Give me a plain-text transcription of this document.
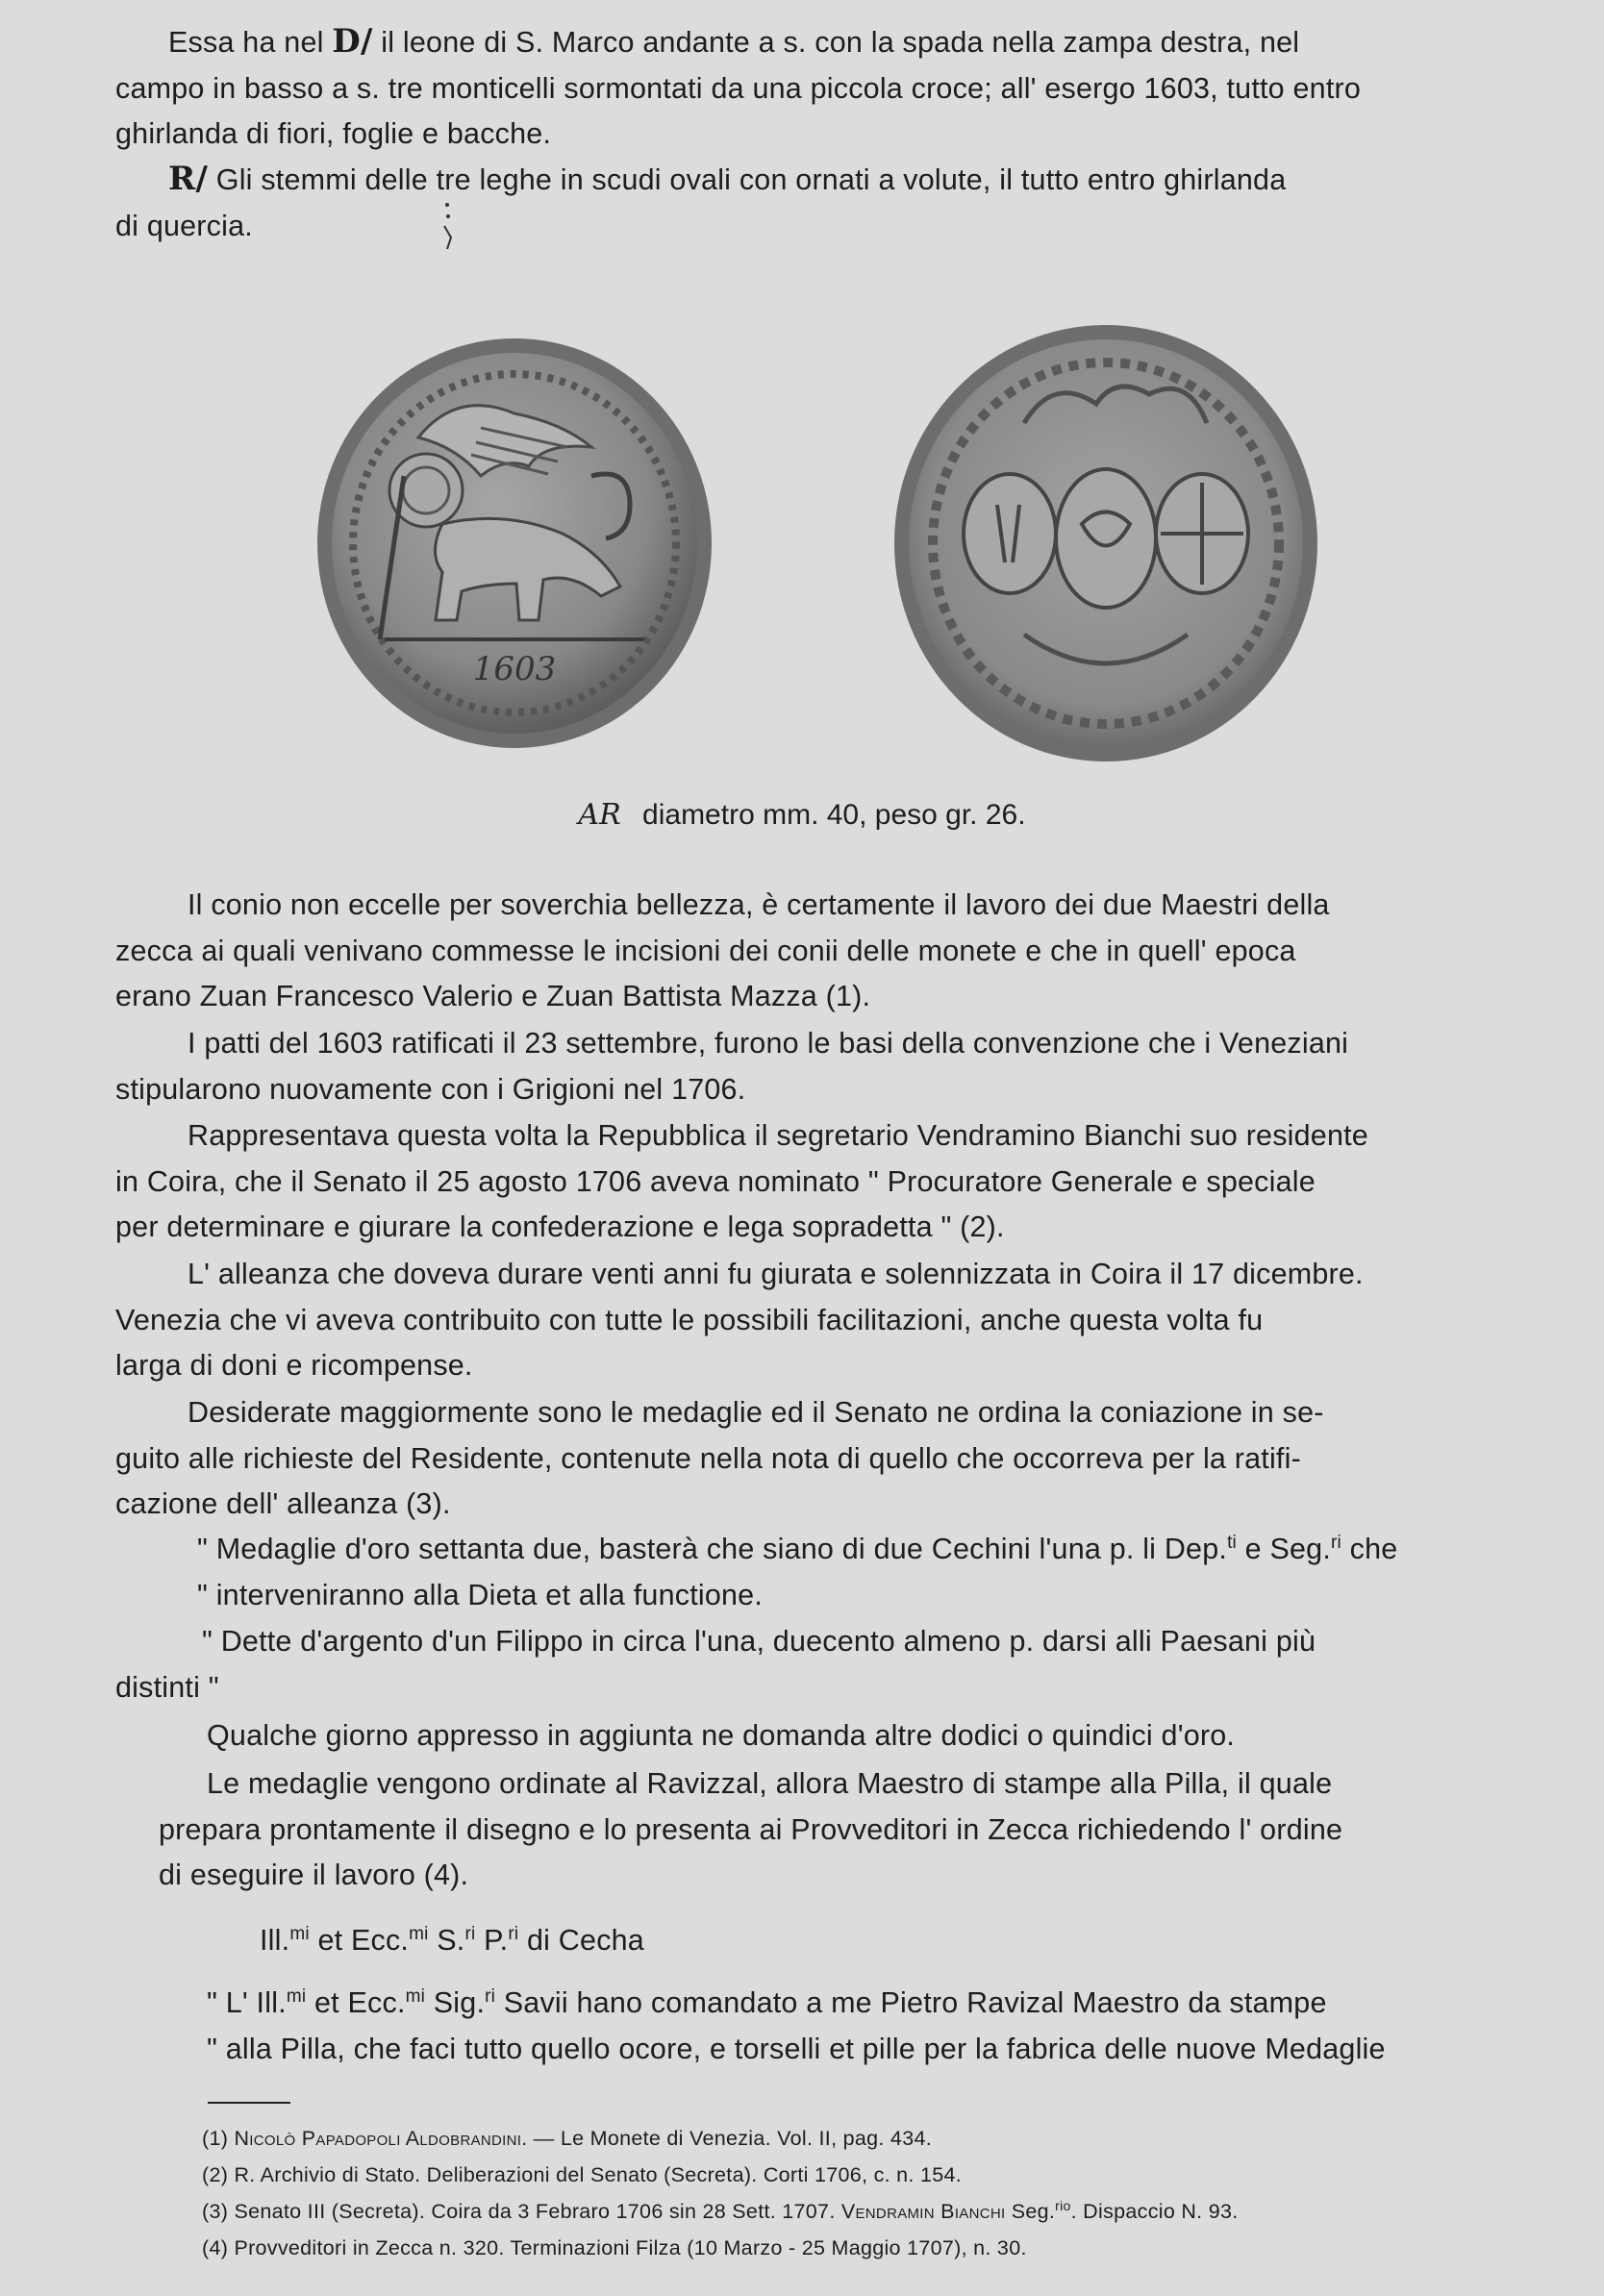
Essa ha nel D/ il leone di S. Marco andante a s. con la spada nella zampa destra, nel
campo in basso a s. tre monticelli sormontati da una piccola croce; all' esergo 1603, tutto entro
ghirlanda di fiori, foglie e bacche.

R/ Gli stemmi delle tre leghe in scudi ovali con ornati a volute, il tutto entro ghirlanda
di quercia.

1603
AR diametro mm. 40, peso gr. 26.

Il conio non eccelle per soverchia bellezza, è certamente il lavoro dei due Maestri della
zecca ai quali venivano commesse le incisioni dei conii delle monete e che in quell' epoca
erano Zuan Francesco Valerio e Zuan Battista Mazza (1).

I patti del 1603 ratificati il 23 settembre, furono le basi della convenzione che i Veneziani
stipularono nuovamente con i Grigioni nel 1706.

Rappresentava questa volta la Repubblica il segretario Vendramino Bianchi suo residente
in Coira, che il Senato il 25 agosto 1706 aveva nominato " Procuratore Generale e speciale
per determinare e giurare la confederazione e lega sopradetta " (2).

L' alleanza che doveva durare venti anni fu giurata e solennizzata in Coira il 17 dicembre.
Venezia che vi aveva contribuito con tutte le possibili facilitazioni, anche questa volta fu
larga di doni e ricompense.

Desiderate maggiormente sono le medaglie ed il Senato ne ordina la coniazione in se-
guito alle richieste del Residente, contenute nella nota di quello che occorreva per la ratifi-
cazione dell' alleanza (3).

" Medaglie d'oro settanta due, basterà che siano di due Cechini l'una p. li Dep.$^{ti}$ e Seg.$^{ri}$ che
" interveniranno alla Dieta et alla functione.

" Dette d'argento d'un Filippo in circa l'una, duecento almeno p. darsi alli Paesani più
distinti "

Qualche giorno appresso in aggiunta ne domanda altre dodici o quindici d'oro.

Le medaglie vengono ordinate al Ravizzal, allora Maestro di stampe alla Pilla, il quale
prepara prontamente il disegno e lo presenta ai Provveditori in Zecca richiedendo l' ordine
di eseguire il lavoro (4).

Ill.$^{mi}$ et Ecc.$^{mi}$ S.$^{ri}$ P.$^{ri}$ di Cecha

" L' Ill.$^{mi}$ et Ecc.$^{mi}$ Sig.$^{ri}$ Savii hano comandato a me Pietro Ravizal Maestro da stampe
" alla Pilla, che faci tutto quello ocore, e torselli et pille per la fabrica delle nuove Medaglie

(1) Nicolò Papadopoli Aldobrandini. — Le Monete di Venezia. Vol. II, pag. 434.
(2) R. Archivio di Stato. Deliberazioni del Senato (Secreta). Corti 1706, c. n. 154.
(3) Senato III (Secreta). Coira da 3 Febraro 1706 sin 28 Sett. 1707. Vendramin Bianchi Seg.$^{rio}$. Dispaccio N. 93.
(4) Provveditori in Zecca n. 320. Terminazioni Filza (10 Marzo - 25 Maggio 1707), n. 30.
